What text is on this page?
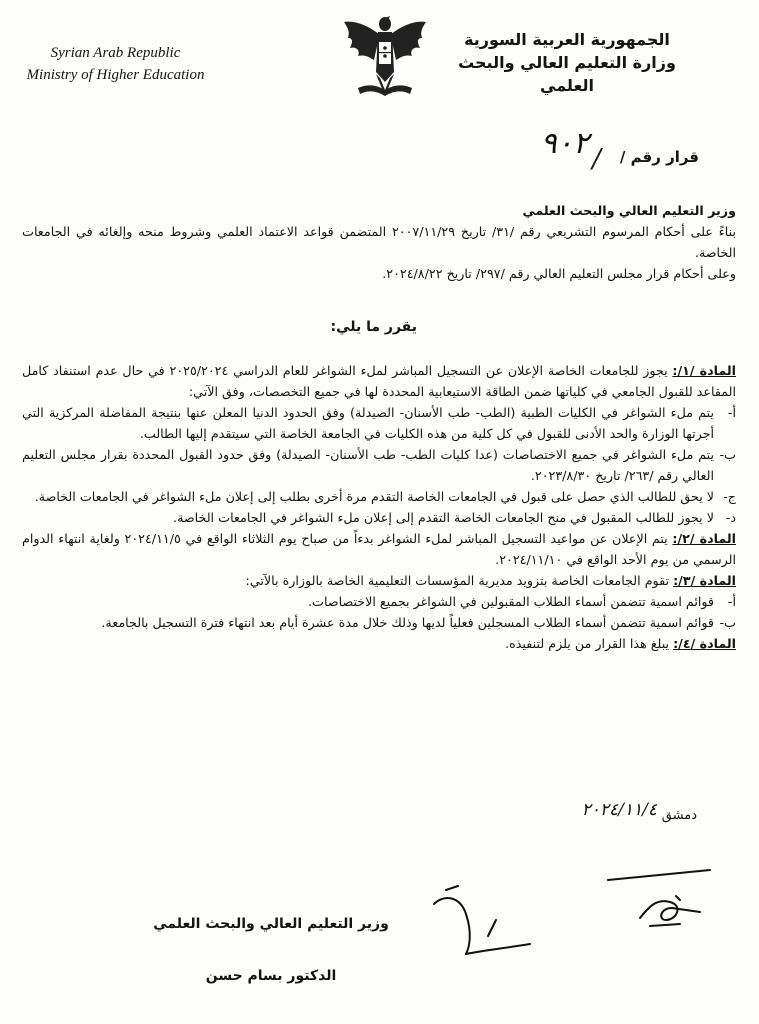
Syrian Arab Republic
Ministry of Higher Education
الجمهورية العربية السورية
وزارة التعليم العالي والبحث العلمي
قرار رقم /
٩٠٢ /
وزير التعليم العالي والبحث العلمي
بناءً على أحكام المرسوم التشريعي رقم /٣١/ تاريخ ٢٠٠٧/١١/٢٩ المتضمن قواعد الاعتماد العلمي وشروط منحه وإلغائه في الجامعات الخاصة.
وعلى أحكام قرار مجلس التعليم العالي رقم /٢٩٧/ تاريخ ٢٠٢٤/٨/٢٢.
يقرر ما يلي:
المادة /١/: يجوز للجامعات الخاصة الإعلان عن التسجيل المباشر لملء الشواغر للعام الدراسي ٢٠٢٥/٢٠٢٤ في حال عدم استنفاد كامل المقاعد للقبول الجامعي في كلياتها ضمن الطاقة الاستيعابية المحددة لها في جميع التخصصات، وفق الآتي:
أ-
يتم ملء الشواغر في الكليات الطبية (الطب- طب الأسنان- الصيدلة) وفق الحدود الدنيا المعلن عنها بنتيجة المفاضلة المركزية التي أجرتها الوزارة والحد الأدنى للقبول في كل كلية من هذه الكليات في الجامعة الخاصة التي سيتقدم إليها الطالب.
ب-
يتم ملء الشواغر في جميع الاختصاصات (عدا كليات الطب- طب الأسنان- الصيدلة) وفق حدود القبول المحددة بقرار مجلس التعليم العالي رقم /٢٦٣/ تاريخ ٢٠٢٣/٨/٣٠.
ج-
لا يحق للطالب الذي حصل على قبول في الجامعات الخاصة التقدم مرة أخرى بطلب إلى إعلان ملء الشواغر في الجامعات الخاصة.
د-
لا يجوز للطالب المقبول في منح الجامعات الخاصة التقدم إلى إعلان ملء الشواغر في الجامعات الخاصة.
المادة /٢/: يتم الإعلان عن مواعيد التسجيل المباشر لملء الشواغر بدءاً من صباح يوم الثلاثاء الواقع في ٢٠٢٤/١١/٥ ولغاية انتهاء الدوام الرسمي من يوم الأحد الواقع في ٢٠٢٤/١١/١٠.
المادة /٣/: تقوم الجامعات الخاصة بتزويد مديرية المؤسسات التعليمية الخاصة بالوزارة بالآتي:
أ-
قوائم اسمية تتضمن أسماء الطلاب المقبولين في الشواغر بجميع الاختصاصات.
ب-
قوائم اسمية تتضمن أسماء الطلاب المسجلين فعلياً لديها وذلك خلال مدة عشرة أيام بعد انتهاء فترة التسجيل بالجامعة.
المادة /٤/: يبلغ هذا القرار من يلزم لتنفيذه.
دمشق
٢٠٢٤/١١/٤
وزير التعليم العالي والبحث العلمي
الدكتور بسام حسن
